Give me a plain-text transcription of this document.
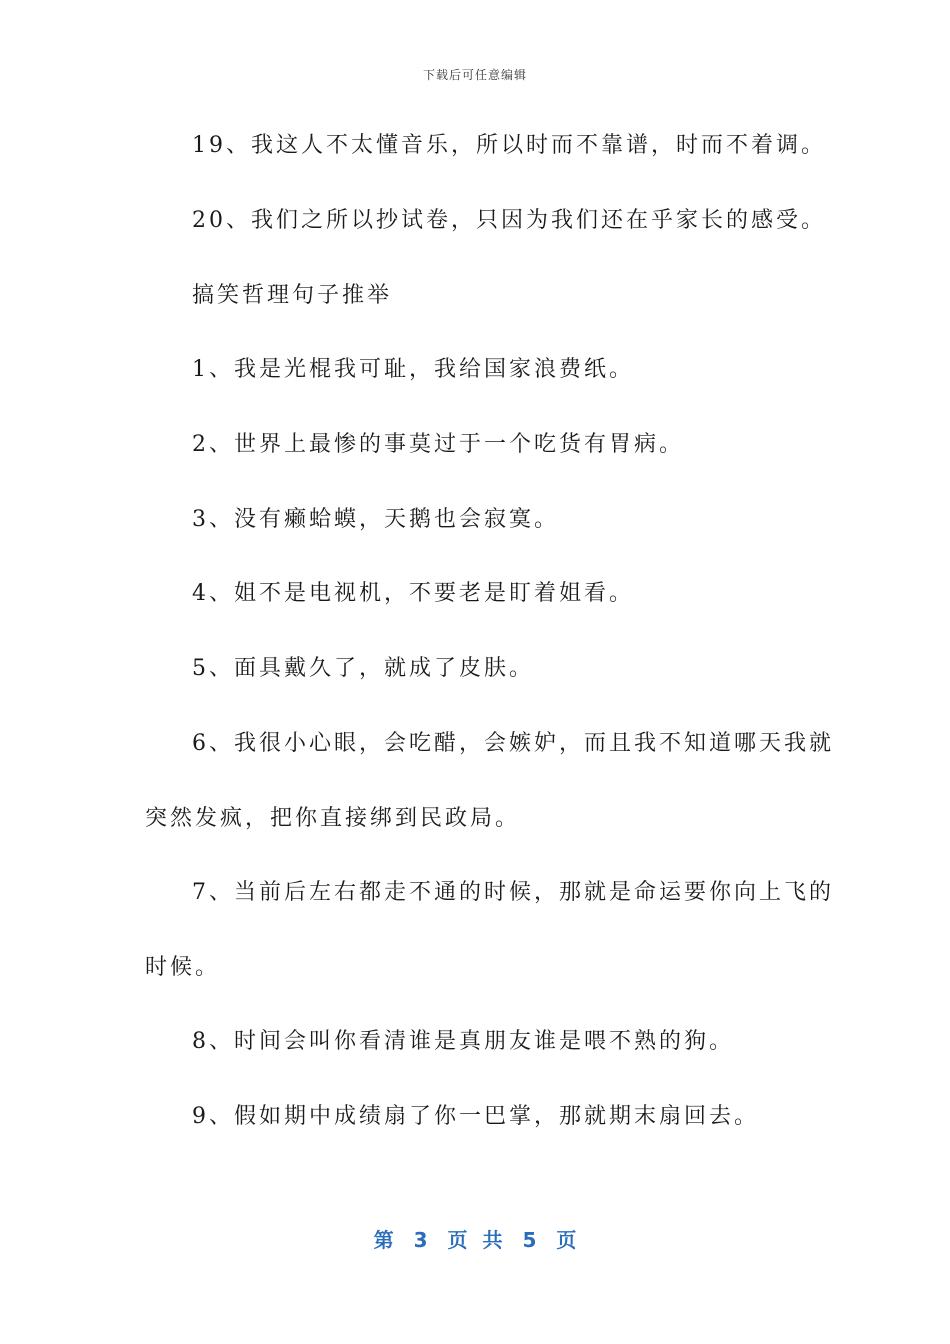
下载后可任意编辑
19、我这人不太懂音乐，所以时而不靠谱，时而不着调。
20、我们之所以抄试卷，只因为我们还在乎家长的感受。
搞笑哲理句子推举
1、我是光棍我可耻，我给国家浪费纸。
2、世界上最惨的事莫过于一个吃货有胃病。
3、没有癞蛤蟆，天鹅也会寂寞。
4、姐不是电视机，不要老是盯着姐看。
5、面具戴久了，就成了皮肤。
6、我很小心眼，会吃醋，会嫉妒，而且我不知道哪天我就
突然发疯，把你直接绑到民政局。
7、当前后左右都走不通的时候，那就是命运要你向上飞的
时候。
8、时间会叫你看清谁是真朋友谁是喂不熟的狗。
9、假如期中成绩扇了你一巴掌，那就期末扇回去。
第 3 页 共 5 页
